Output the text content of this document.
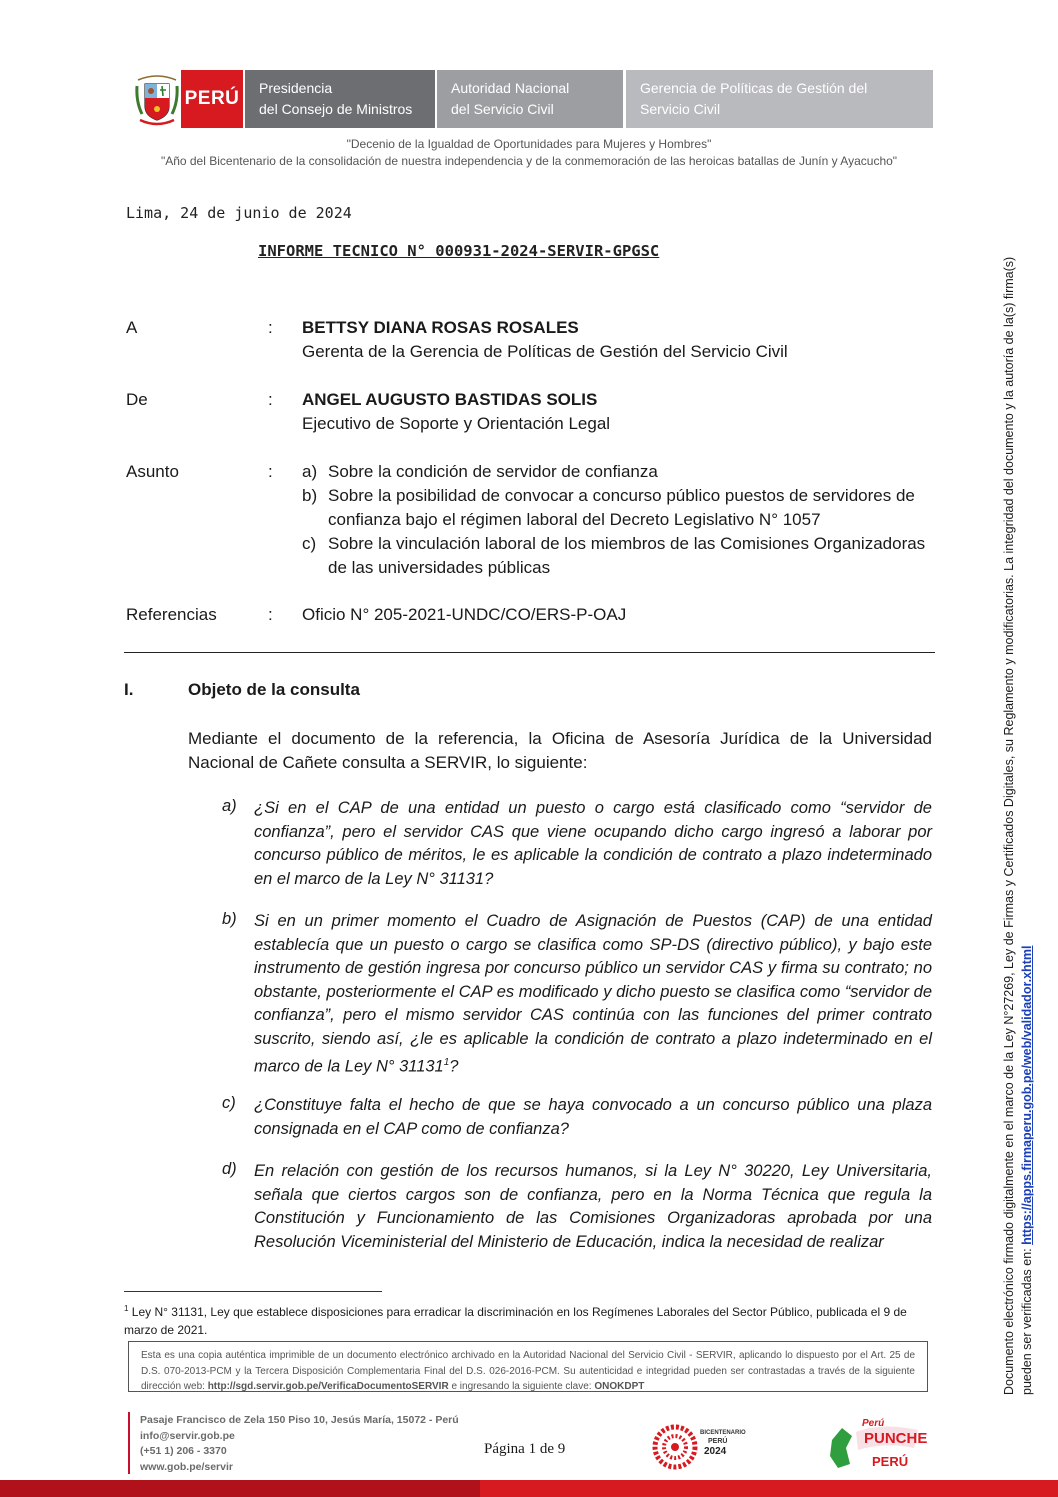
PERÚ Presidencia
del Consejo de Ministros
Autoridad Nacional
del Servicio Civil
Gerencia de Políticas de Gestión del
Servicio Civil
"Decenio de la Igualdad de Oportunidades para Mujeres y Hombres"
"Año del Bicentenario de la consolidación de nuestra independencia y de la conmemoración de las heroicas batallas de Junín y Ayacucho"
Lima, 24 de junio de 2024
INFORME TECNICO N° 000931-2024-SERVIR-GPGSC
A	: BETTSY DIANA ROSAS ROSALES
Gerenta de la Gerencia de Políticas de Gestión del Servicio Civil
De	: ANGEL AUGUSTO BASTIDAS SOLIS
Ejecutivo de Soporte y Orientación Legal
Asunto	: a) Sobre la condición de servidor de confianza
b) Sobre la posibilidad de convocar a concurso público puestos de servidores de
confianza bajo el régimen laboral del Decreto Legislativo N° 1057
c) Sobre la vinculación laboral de los miembros de las Comisiones Organizadoras
de las universidades públicas
Referencias	: Oficio N° 205-2021-UNDC/CO/ERS-P-OAJ
I.	Objeto de la consulta
Mediante el documento de la referencia, la Oficina de Asesoría Jurídica de la Universidad Nacional de Cañete consulta a SERVIR, lo siguiente:
a) ¿Si en el CAP de una entidad un puesto o cargo está clasificado como “servidor de confianza”, pero el servidor CAS que viene ocupando dicho cargo ingresó a laborar por concurso público de méritos, le es aplicable la condición de contrato a plazo indeterminado en el marco de la Ley N° 31131?
b) Si en un primer momento el Cuadro de Asignación de Puestos (CAP) de una entidad establecía que un puesto o cargo se clasifica como SP-DS (directivo público), y bajo este instrumento de gestión ingresa por concurso público un servidor CAS y firma su contrato; no obstante, posteriormente el CAP es modificado y dicho puesto se clasifica como “servidor de confianza”, pero el mismo servidor CAS continúa con las funciones del primer contrato suscrito, siendo así, ¿le es aplicable la condición de contrato a plazo indeterminado en el marco de la Ley N° 31131$^1$?
c) ¿Constituye falta el hecho de que se haya convocado a un concurso público una plaza consignada en el CAP como de confianza?
d) En relación con gestión de los recursos humanos, si la Ley N° 30220, Ley Universitaria, señala que ciertos cargos son de confianza, pero en la Norma Técnica que regula la Constitución y Funcionamiento de las Comisiones Organizadoras aprobada por una Resolución Viceministerial del Ministerio de Educación, indica la necesidad de realizar
$^1$ Ley N° 31131, Ley que establece disposiciones para erradicar la discriminación en los Regímenes Laborales del Sector Público, publicada el 9 de marzo de 2021.
Esta es una copia auténtica imprimible de un documento electrónico archivado en la Autoridad Nacional del Servicio Civil - SERVIR, aplicando lo dispuesto por el Art. 25 de D.S. 070-2013-PCM y la Tercera Disposición Complementaria Final del D.S. 026-2016-PCM. Su autenticidad e integridad pueden ser contrastadas a través de la siguiente dirección web: http://sgd.servir.gob.pe/VerificaDocumentoSERVIR e ingresando la siguiente clave: ONOKDPT
Pasaje Francisco de Zela 150 Piso 10, Jesús María, 15072 - Perú
info@servir.gob.pe
(+51 1) 206 - 3370
www.gob.pe/servir
Página 1 de 9
BICENTENARIO
PERÚ
2024
Perú
PUNCHE
PERÚ
Documento electrónico firmado digitalmente en el marco de la Ley N°27269, Ley de Firmas y Certificados Digitales, su Reglamento y modificatorias. La integridad del documento y la autoría de la(s) firma(s) pueden ser verificadas en: https://apps.firmaperu.gob.pe/web/validador.xhtml
